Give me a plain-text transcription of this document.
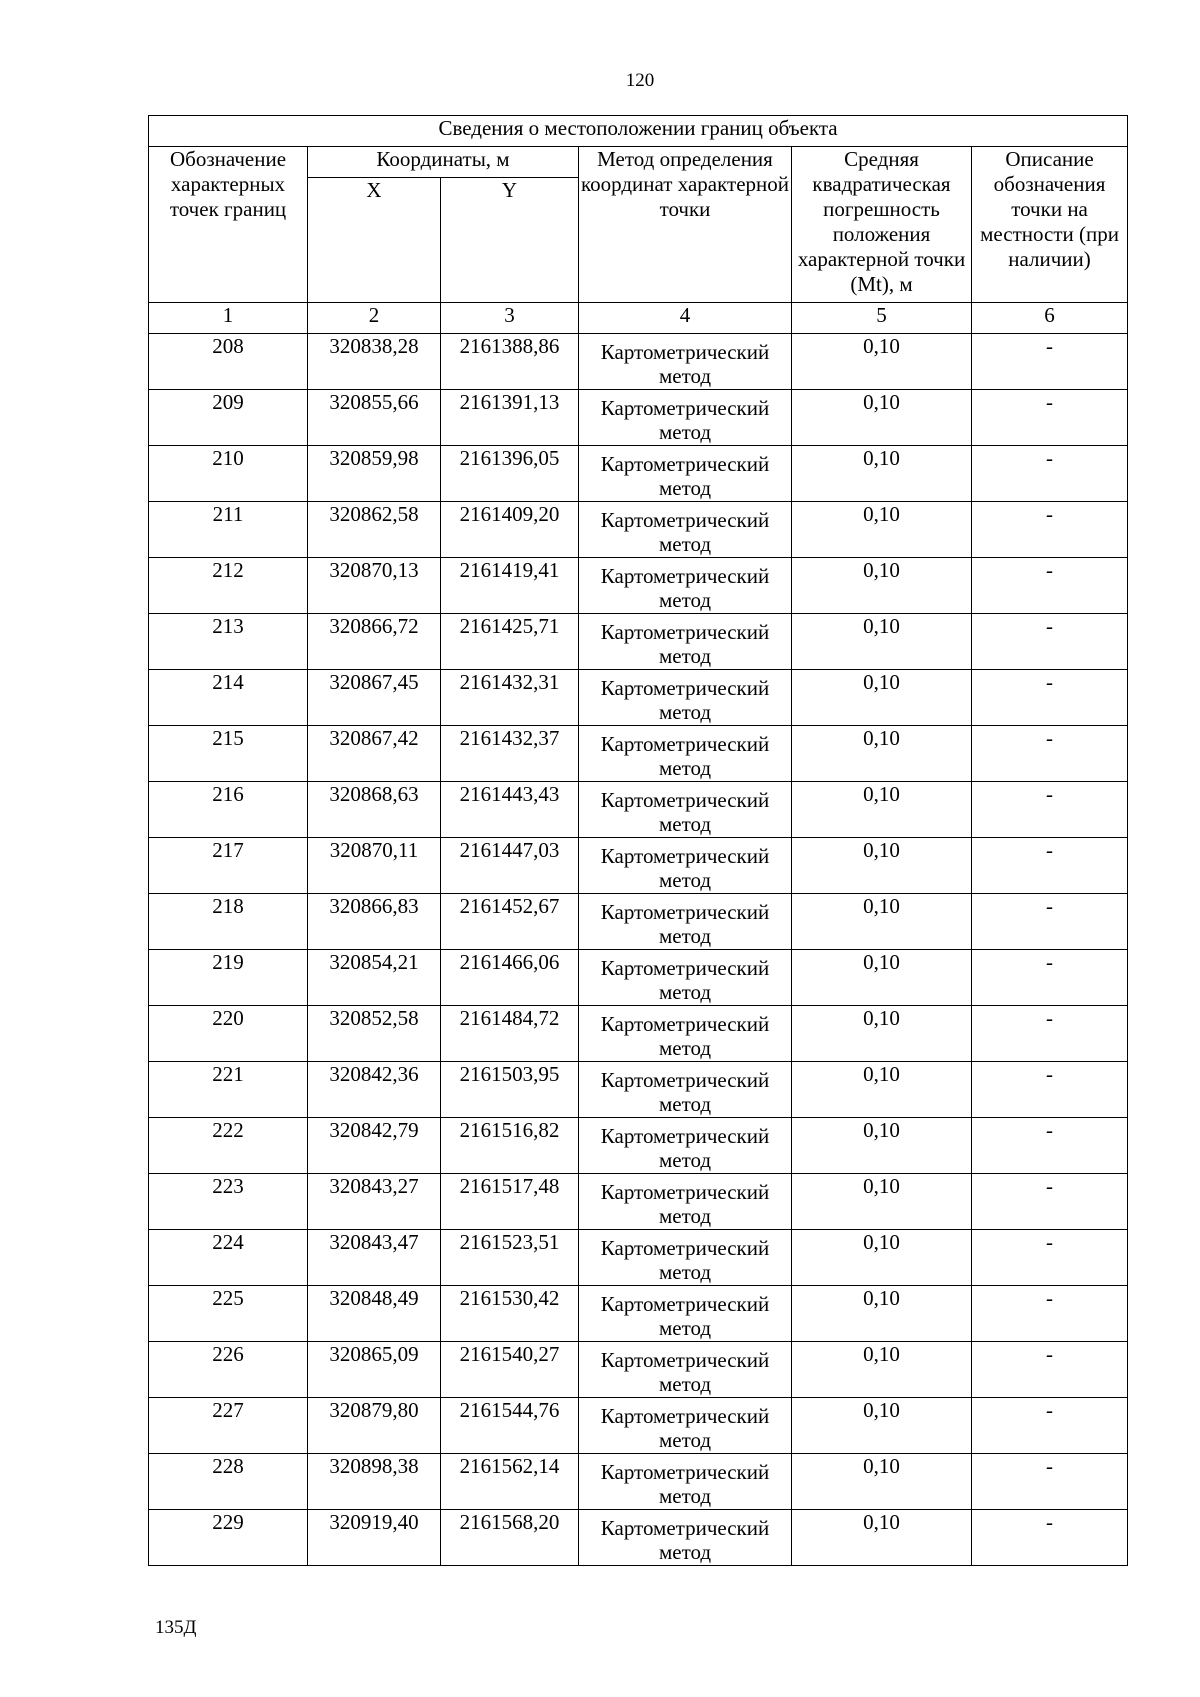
120
Сведения о местоположении границ объекта					
Обозначение характерных точек границ	Координаты, м		Метод определения координат характерной точки	Средняя квадратическая погрешность положения характерной точки (Mt), м	Описание обозначения точки на местности (при наличии)
	X	Y			
1	2	3	4	5	6
208	320838,28	2161388,86	Картометрический метод	0,10	-
209	320855,66	2161391,13	Картометрический метод	0,10	-
210	320859,98	2161396,05	Картометрический метод	0,10	-
211	320862,58	2161409,20	Картометрический метод	0,10	-
212	320870,13	2161419,41	Картометрический метод	0,10	-
213	320866,72	2161425,71	Картометрический метод	0,10	-
214	320867,45	2161432,31	Картометрический метод	0,10	-
215	320867,42	2161432,37	Картометрический метод	0,10	-
216	320868,63	2161443,43	Картометрический метод	0,10	-
217	320870,11	2161447,03	Картометрический метод	0,10	-
218	320866,83	2161452,67	Картометрический метод	0,10	-
219	320854,21	2161466,06	Картометрический метод	0,10	-
220	320852,58	2161484,72	Картометрический метод	0,10	-
221	320842,36	2161503,95	Картометрический метод	0,10	-
222	320842,79	2161516,82	Картометрический метод	0,10	-
223	320843,27	2161517,48	Картометрический метод	0,10	-
224	320843,47	2161523,51	Картометрический метод	0,10	-
225	320848,49	2161530,42	Картометрический метод	0,10	-
226	320865,09	2161540,27	Картометрический метод	0,10	-
227	320879,80	2161544,76	Картометрический метод	0,10	-
228	320898,38	2161562,14	Картометрический метод	0,10	-
229	320919,40	2161568,20	Картометрический метод	0,10	-
135Д
